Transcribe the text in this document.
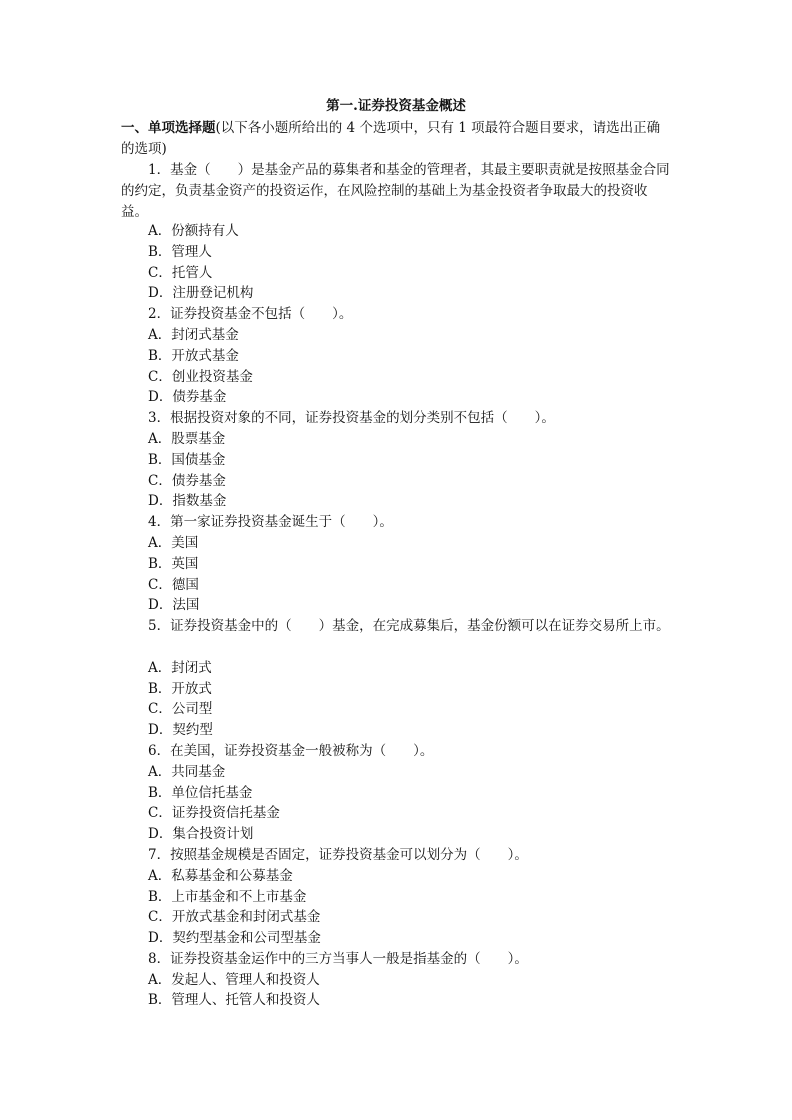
第一.证券投资基金概述
一、单项选择题(以下各小题所给出的 4 个选项中，只有 1 项最符合题目要求，请选出正确的选项)
1．基金（　　）是基金产品的募集者和基金的管理者，其最主要职责就是按照基金合同的约定，负责基金资产的投资运作，在风险控制的基础上为基金投资者争取最大的投资收益。
A．份额持有人
B．管理人
C．托管人
D．注册登记机构
2．证券投资基金不包括（　　）。
A．封闭式基金
B．开放式基金
C．创业投资基金
D．债券基金
3．根据投资对象的不同，证券投资基金的划分类别不包括（　　）。
A．股票基金
B．国债基金
C．债券基金
D．指数基金
4．第一家证券投资基金诞生于（　　）。
A．美国
B．英国
C．德国
D．法国
5．证券投资基金中的（　　）基金，在完成募集后，基金份额可以在证券交易所上市。
A．封闭式
B．开放式
C．公司型
D．契约型
6．在美国，证券投资基金一般被称为（　　）。
A．共同基金
B．单位信托基金
C．证券投资信托基金
D．集合投资计划
7．按照基金规模是否固定，证券投资基金可以划分为（　　）。
A．私募基金和公募基金
B．上市基金和不上市基金
C．开放式基金和封闭式基金
D．契约型基金和公司型基金
8．证券投资基金运作中的三方当事人一般是指基金的（　　）。
A．发起人、管理人和投资人
B．管理人、托管人和投资人
